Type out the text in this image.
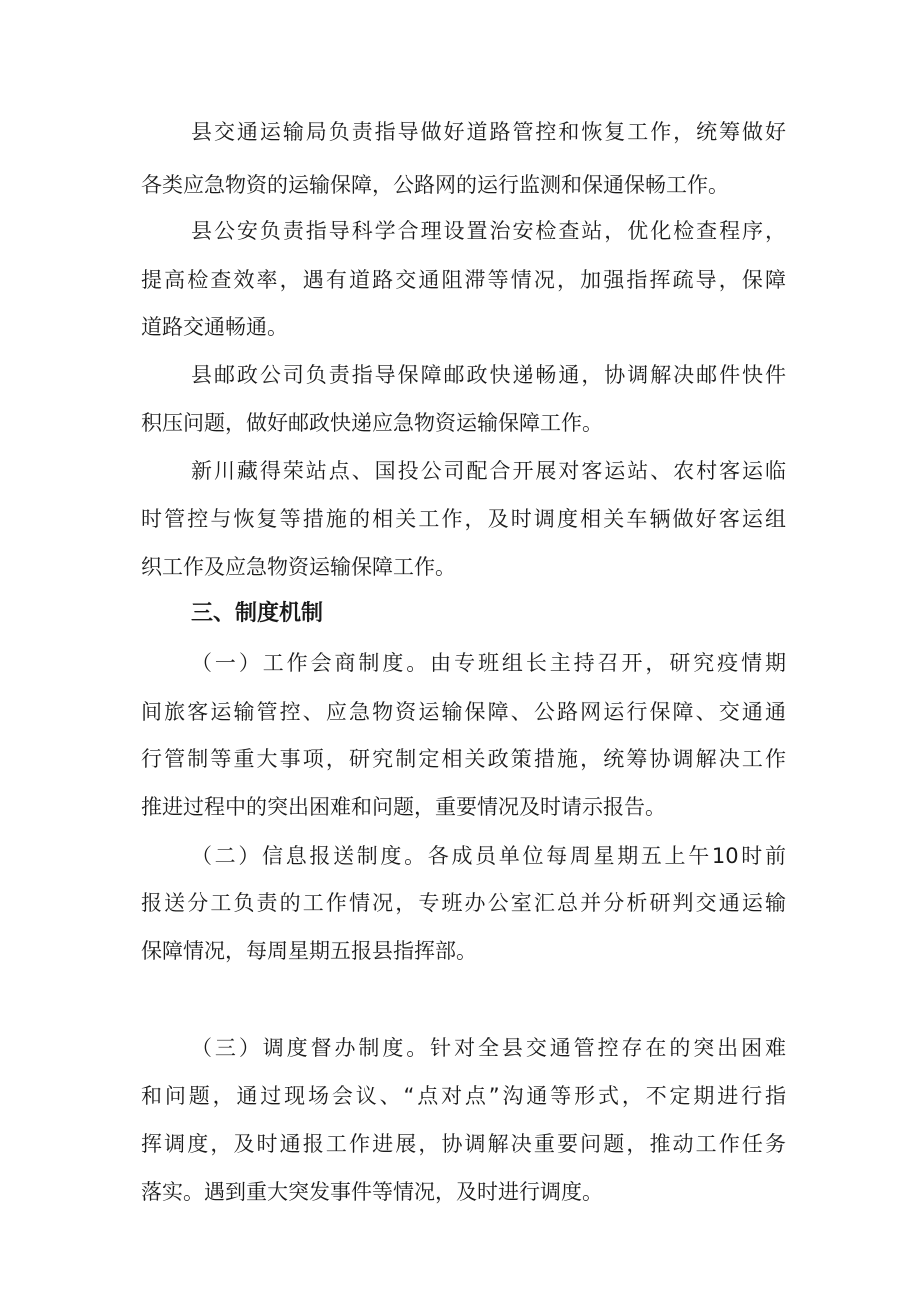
县交通运输局负责指导做好道路管控和恢复工作，统筹做好
各类应急物资的运输保障，公路网的运行监测和保通保畅工作。
县公安负责指导科学合理设置治安检查站，优化检查程序，
提高检查效率，遇有道路交通阻滞等情况，加强指挥疏导，保障
道路交通畅通。
县邮政公司负责指导保障邮政快递畅通，协调解决邮件快件
积压问题，做好邮政快递应急物资运输保障工作。
新川藏得荣站点、国投公司配合开展对客运站、农村客运临
时管控与恢复等措施的相关工作，及时调度相关车辆做好客运组
织工作及应急物资运输保障工作。
三、制度机制
（一）工作会商制度。由专班组长主持召开，研究疫情期
间旅客运输管控、应急物资运输保障、公路网运行保障、交通通
行管制等重大事项，研究制定相关政策措施，统筹协调解决工作
推进过程中的突出困难和问题，重要情况及时请示报告。
（二）信息报送制度。各成员单位每周星期五上午10时前
报送分工负责的工作情况，专班办公室汇总并分析研判交通运输
保障情况，每周星期五报县指挥部。
（三）调度督办制度。针对全县交通管控存在的突出困难
和问题，通过现场会议、“点对点”沟通等形式，不定期进行指
挥调度，及时通报工作进展，协调解决重要问题，推动工作任务
落实。遇到重大突发事件等情况，及时进行调度。
